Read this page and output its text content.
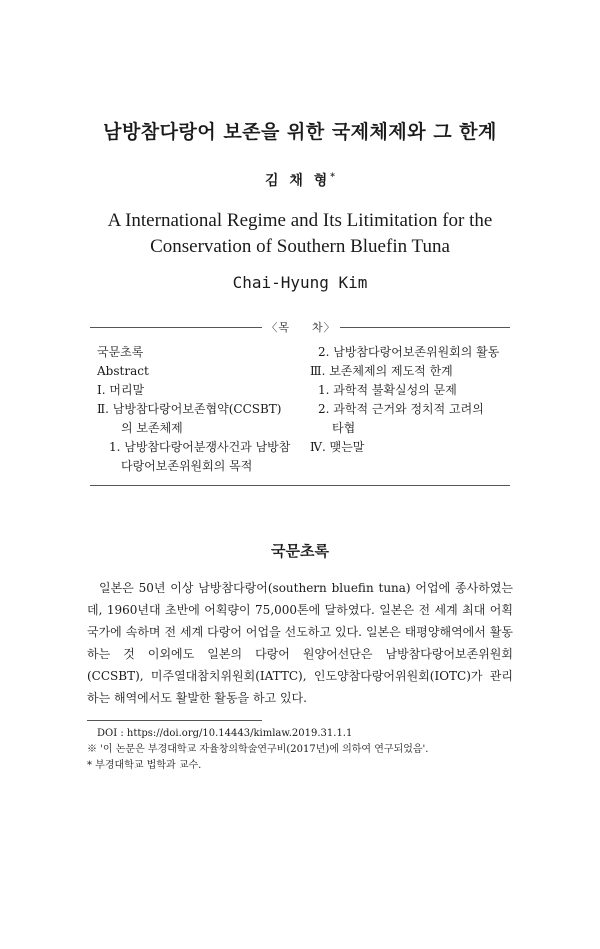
남방참다랑어 보존을 위한 국제체제와 그 한계
김 채 형*
A International Regime and Its Litimitation for the
Conservation of Southern Bluefin Tuna
Chai-Hyung Kim
〈목 차〉
국문초록
Abstract
Ⅰ. 머리말
Ⅱ. 남방참다랑어보존협약(CCSBT)
의 보존체제
1. 남방참다랑어분쟁사건과 남방참
다랑어보존위원회의 목적
2. 남방참다랑어보존위원회의 활동
Ⅲ. 보존체제의 제도적 한계
1. 과학적 불확실성의 문제
2. 과학적 근거와 정치적 고려의
타협
Ⅳ. 맺는말
국문초록

일본은 50년 이상 남방참다랑어(southern bluefin tuna) 어업에 종사하였는데, 1960년대 초반에 어획량이 75,000톤에 달하였다. 일본은 전 세계 최대 어획국가에 속하며 전 세계 다랑어 어업을 선도하고 있다. 일본은 태평양해역에서 활동하는 것 이외에도 일본의 다랑어 원양어선단은 남방참다랑어보존위원회(CCSBT), 미주열대참치위원회(IATTC), 인도양참다랑어위원회(IOTC)가 관리하는 해역에서도 활발한 활동을 하고 있다.

DOI : https://doi.org/10.14443/kimlaw.2019.31.1.1
※ '이 논문은 부경대학교 자율창의학술연구비(2017년)에 의하여 연구되었음'.
* 부경대학교 법학과 교수.
